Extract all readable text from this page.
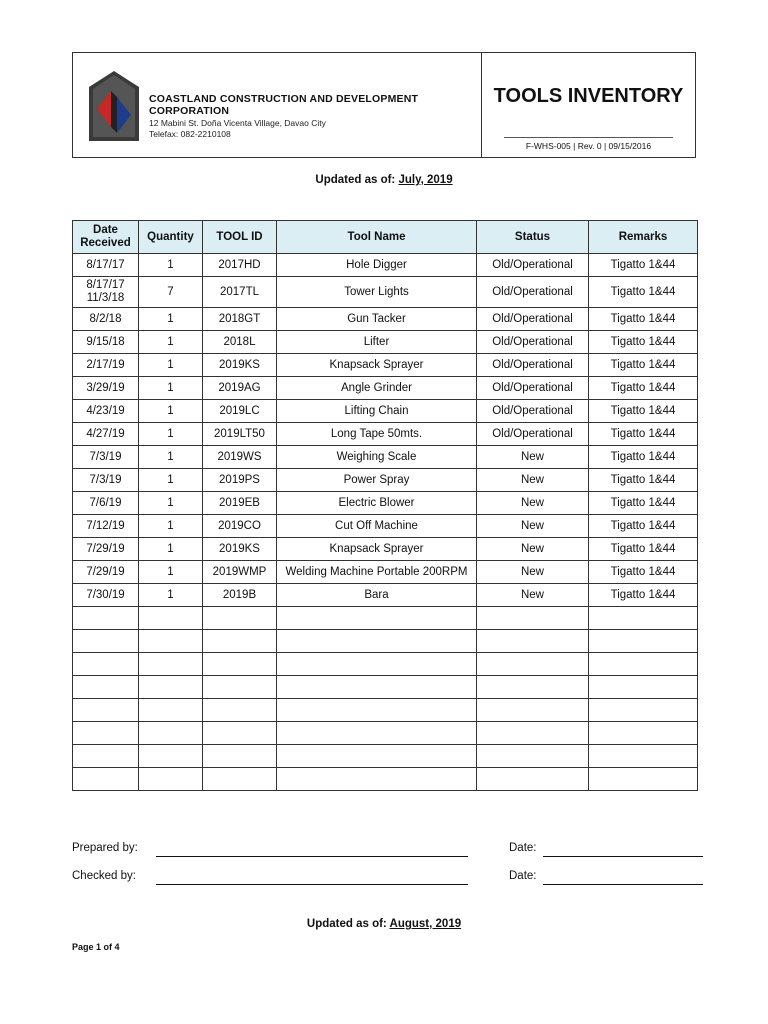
COASTLAND CONSTRUCTION AND DEVELOPMENT CORPORATION
12 Mabini St. Doña Vicenta Village, Davao City
Telefax: 082-2210108
TOOLS INVENTORY
F-WHS-005 | Rev. 0 | 09/15/2016
Updated as of: July, 2019
Date
Received	Quantity	TOOL ID	Tool Name	Status	Remarks
8/17/17	1	2017HD	Hole Digger	Old/Operational	Tigatto 1&44
8/17/17
11/3/18	7	2017TL	Tower Lights	Old/Operational	Tigatto 1&44
8/2/18	1	2018GT	Gun Tacker	Old/Operational	Tigatto 1&44
9/15/18	1	2018L	Lifter	Old/Operational	Tigatto 1&44
2/17/19	1	2019KS	Knapsack Sprayer	Old/Operational	Tigatto 1&44
3/29/19	1	2019AG	Angle Grinder	Old/Operational	Tigatto 1&44
4/23/19	1	2019LC	Lifting Chain	Old/Operational	Tigatto 1&44
4/27/19	1	2019LT50	Long Tape 50mts.	Old/Operational	Tigatto 1&44
7/3/19	1	2019WS	Weighing Scale	New	Tigatto 1&44
7/3/19	1	2019PS	Power Spray	New	Tigatto 1&44
7/6/19	1	2019EB	Electric Blower	New	Tigatto 1&44
7/12/19	1	2019CO	Cut Off Machine	New	Tigatto 1&44
7/29/19	1	2019KS	Knapsack Sprayer	New	Tigatto 1&44
7/29/19	1	2019WMP	Welding Machine Portable 200RPM	New	Tigatto 1&44
7/30/19	1	2019B	Bara	New	Tigatto 1&44

Prepared by:	Date:
Checked by:	Date:
Updated as of: August, 2019
Page 1 of 4
